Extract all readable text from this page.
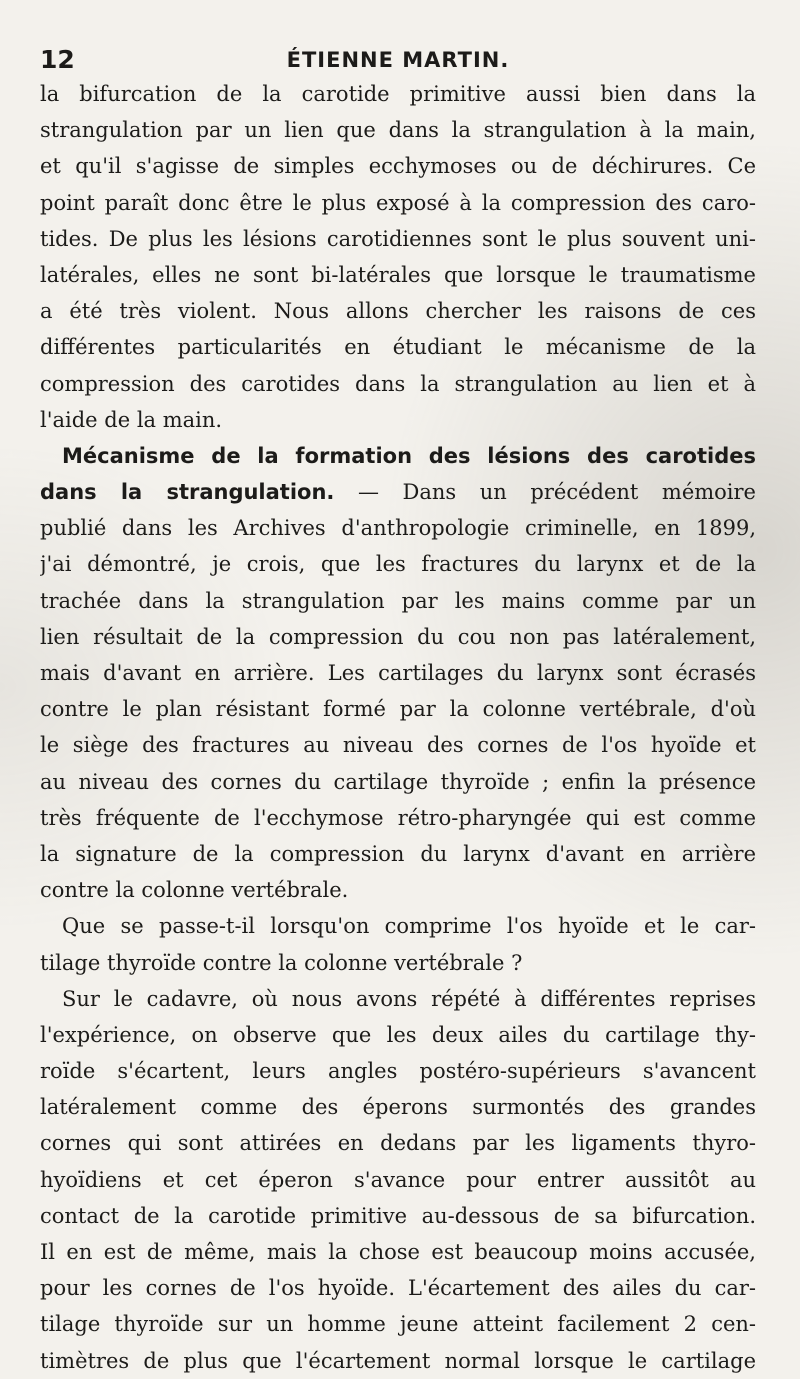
12	ÉTIENNE MARTIN.
la bifurcation de la carotide primitive aussi bien dans la
strangulation par un lien que dans la strangulation à la main,
et qu'il s'agisse de simples ecchymoses ou de déchirures. Ce
point paraît donc être le plus exposé à la compression des caro-
tides. De plus les lésions carotidiennes sont le plus souvent uni-
latérales, elles ne sont bi-latérales que lorsque le traumatisme
a été très violent. Nous allons chercher les raisons de ces
différentes particularités en étudiant le mécanisme de la
compression des carotides dans la strangulation au lien et à
l'aide de la main.
Mécanisme de la formation des lésions des carotides
dans la strangulation. — Dans un précédent mémoire
publié dans les Archives d'anthropologie criminelle, en 1899,
j'ai démontré, je crois, que les fractures du larynx et de la
trachée dans la strangulation par les mains comme par un
lien résultait de la compression du cou non pas latéralement,
mais d'avant en arrière. Les cartilages du larynx sont écrasés
contre le plan résistant formé par la colonne vertébrale, d'où
le siège des fractures au niveau des cornes de l'os hyoïde et
au niveau des cornes du cartilage thyroïde ; enfin la présence
très fréquente de l'ecchymose rétro-pharyngée qui est comme
la signature de la compression du larynx d'avant en arrière
contre la colonne vertébrale.
Que se passe-t-il lorsqu'on comprime l'os hyoïde et le car-
tilage thyroïde contre la colonne vertébrale ?
Sur le cadavre, où nous avons répété à différentes reprises
l'expérience, on observe que les deux ailes du cartilage thy-
roïde s'écartent, leurs angles postéro-supérieurs s'avancent
latéralement comme des éperons surmontés des grandes
cornes qui sont attirées en dedans par les ligaments thyro-
hyoïdiens et cet éperon s'avance pour entrer aussitôt au
contact de la carotide primitive au-dessous de sa bifurcation.
Il en est de même, mais la chose est beaucoup moins accusée,
pour les cornes de l'os hyoïde. L'écartement des ailes du car-
tilage thyroïde sur un homme jeune atteint facilement 2 cen-
timètres de plus que l'écartement normal lorsque le cartilage
